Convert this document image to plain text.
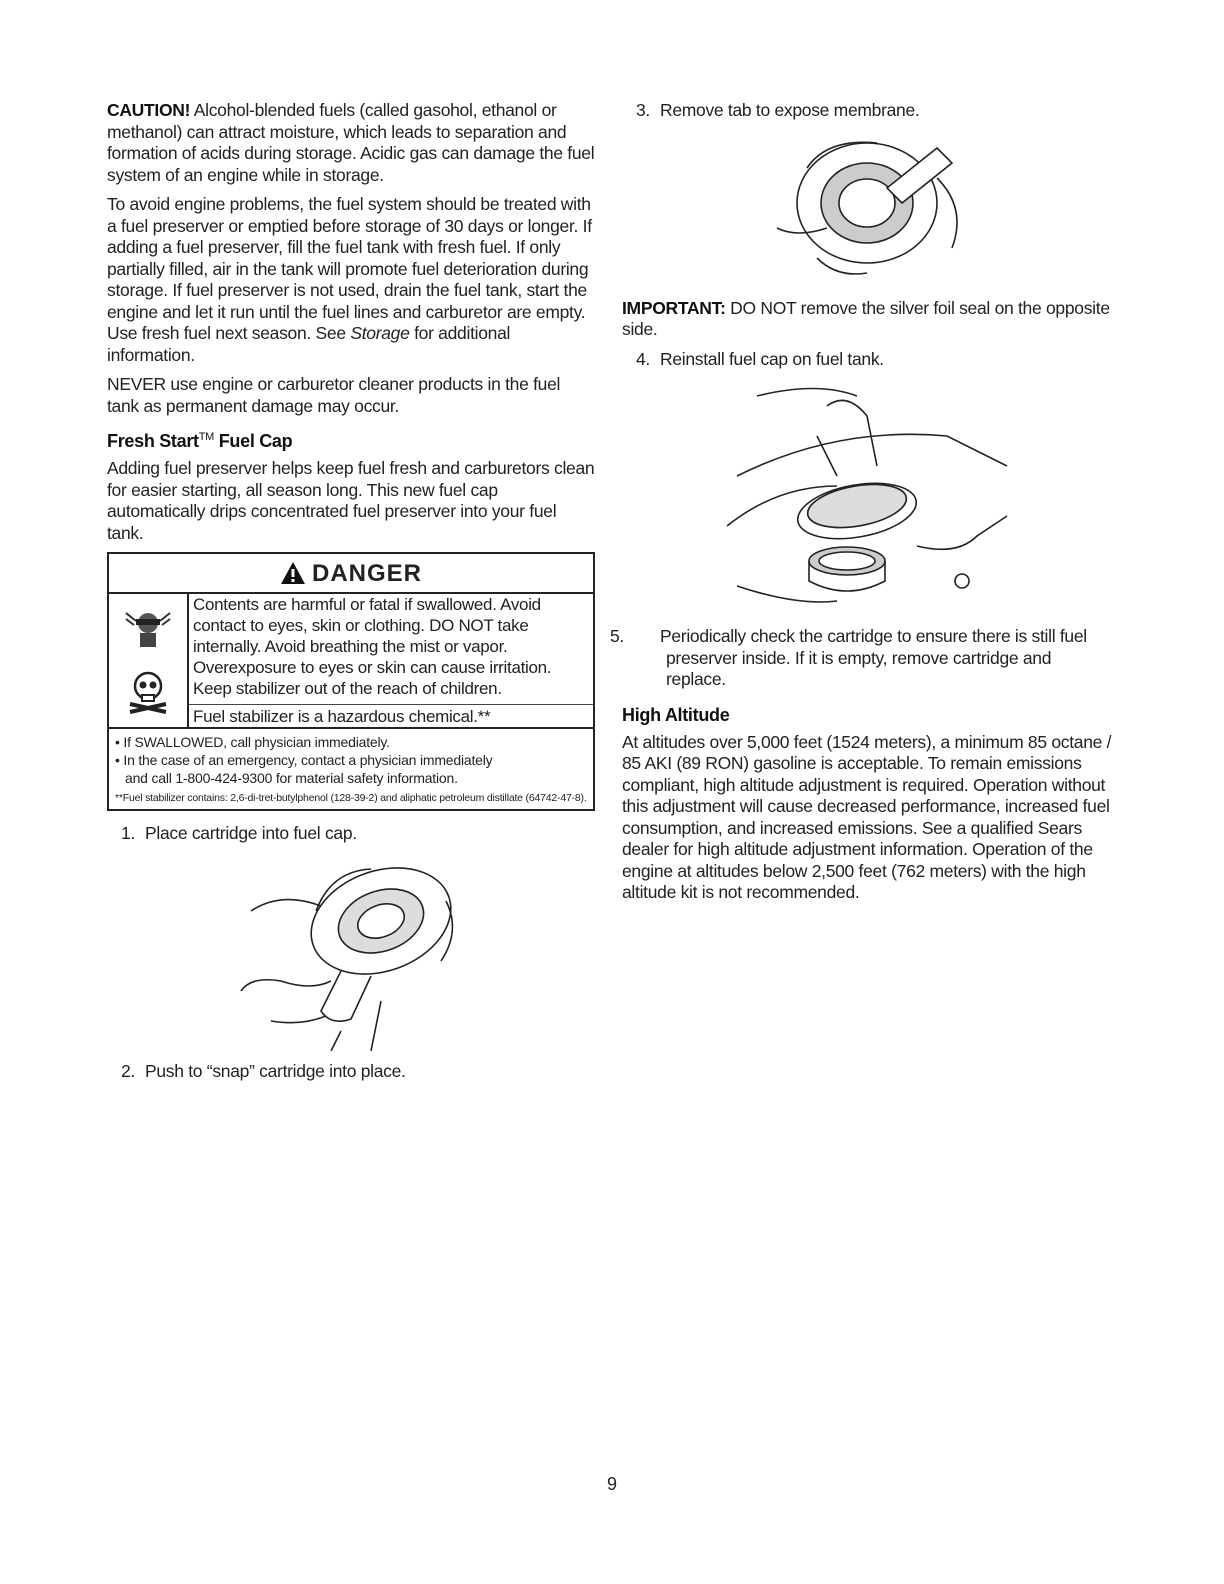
CAUTION! Alcohol-blended fuels (called gasohol, ethanol or methanol) can attract moisture, which leads to separation and formation of acids during storage. Acidic gas can damage the fuel system of an engine while in storage.

To avoid engine problems, the fuel system should be treated with a fuel preserver or emptied before storage of 30 days or longer. If adding a fuel preserver, fill the fuel tank with fresh fuel. If only partially filled, air in the tank will promote fuel deterioration during storage. If fuel preserver is not used, drain the fuel tank, start the engine and let it run until the fuel lines and carburetor are empty. Use fresh fuel next season. See Storage for additional information.

NEVER use engine or carburetor cleaner products in the fuel tank as permanent damage may occur.

Fresh Start™ Fuel Cap

Adding fuel preserver helps keep fuel fresh and carburetors clean for easier starting, all season long. This new fuel cap automatically drips concentrated fuel preserver into your fuel tank.

DANGER
Contents are harmful or fatal if swallowed. Avoid
contact to eyes, skin or clothing. DO NOT take
internally. Avoid breathing the mist or vapor.
Overexposure to eyes or skin can cause irritation.
Keep stabilizer out of the reach of children.
Fuel stabilizer is a hazardous chemical.**
• If SWALLOWED, call physician immediately.
• In the case of an emergency, contact a physician immediately
and call 1-800-424-9300 for material safety information.
**Fuel stabilizer contains: 2,6-di-tret-butylphenol (128-39-2) and aliphatic petroleum distillate (64742-47-8).

1. Place cartridge into fuel cap.

2. Push to “snap” cartridge into place.

3. Remove tab to expose membrane.

IMPORTANT: DO NOT remove the silver foil seal on the opposite side.

4. Reinstall fuel cap on fuel tank.

5. Periodically check the cartridge to ensure there is still fuel preserver inside. If it is empty, remove cartridge and replace.

High Altitude

At altitudes over 5,000 feet (1524 meters), a minimum 85 octane / 85 AKI (89 RON) gasoline is acceptable. To remain emissions compliant, high altitude adjustment is required. Operation without this adjustment will cause decreased performance, increased fuel consumption, and increased emissions. See a qualified Sears dealer for high altitude adjustment information. Operation of the engine at altitudes below 2,500 feet (762 meters) with the high altitude kit is not recommended.

9
